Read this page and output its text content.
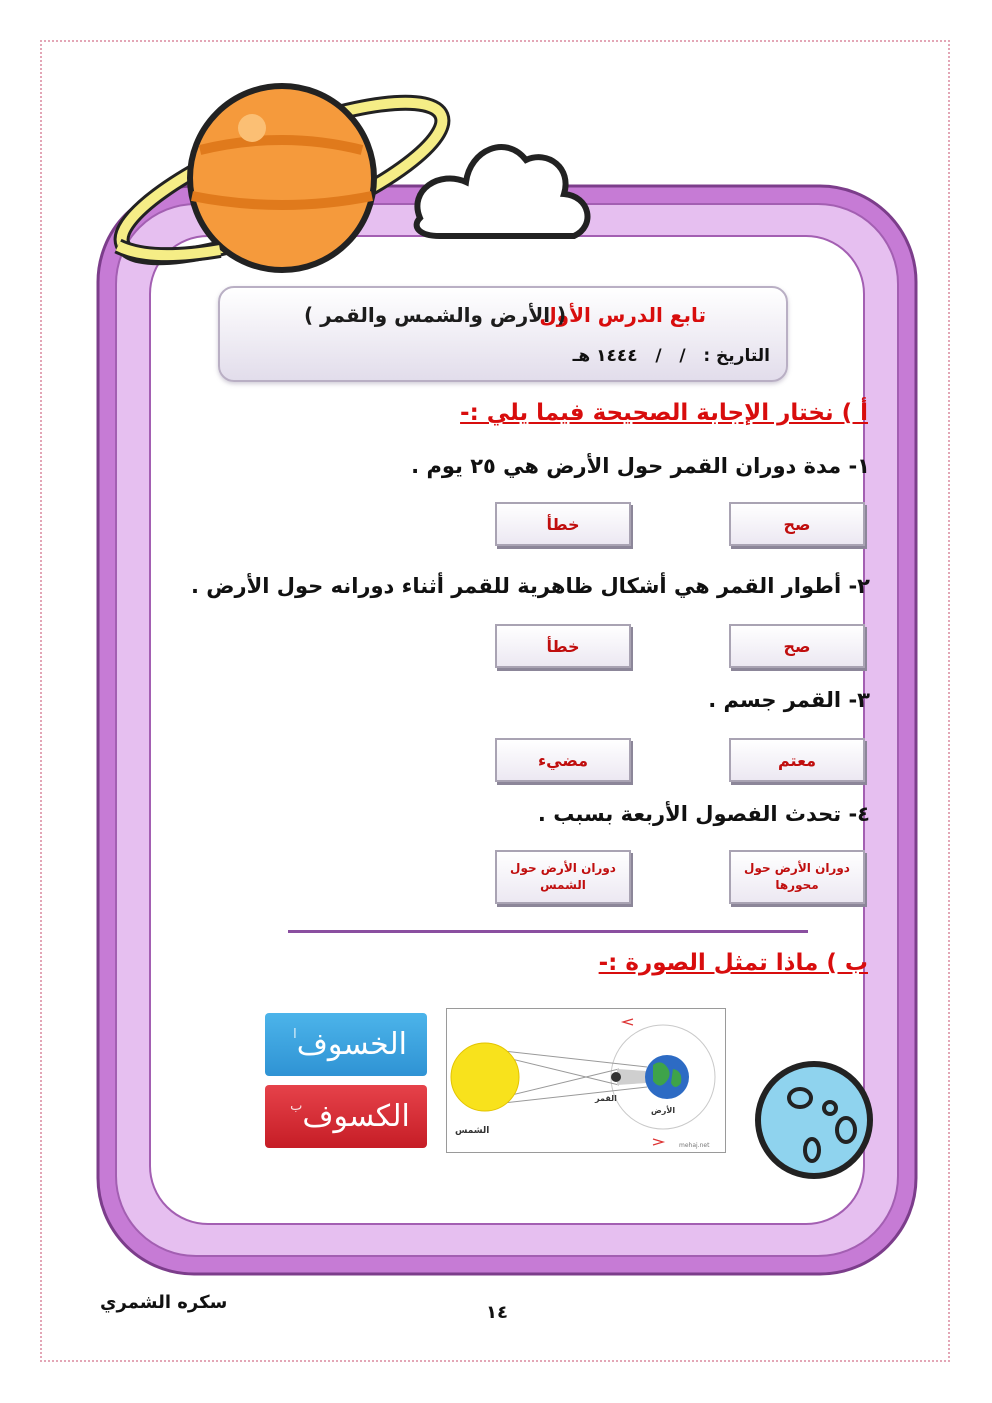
تابع الدرس الأول
( الأرض والشمس والقمر )
التاريخ :   /   /   ١٤٤٤ هـ
أ ) نختار الإجابة الصحيحة فيما يلي :-
١- مدة دوران القمر حول الأرض هي ٢٥ يوم .
صح
خطأ
٢- أطوار القمر هي أشكال ظاهرية للقمر أثناء دورانه حول الأرض .
صح
خطأ
٣- القمر جسم .
معتم
مضيء
٤- تحدث الفصول الأربعة بسبب .
دوران الأرض حول محورها
دوران الأرض حول الشمس
ب ) ماذا تمثل الصورة :-
الخسوف
ا
الكسوف
ب
الشمس
القمر
الأرض
mehaj.net
سكره الشمري	١٤
